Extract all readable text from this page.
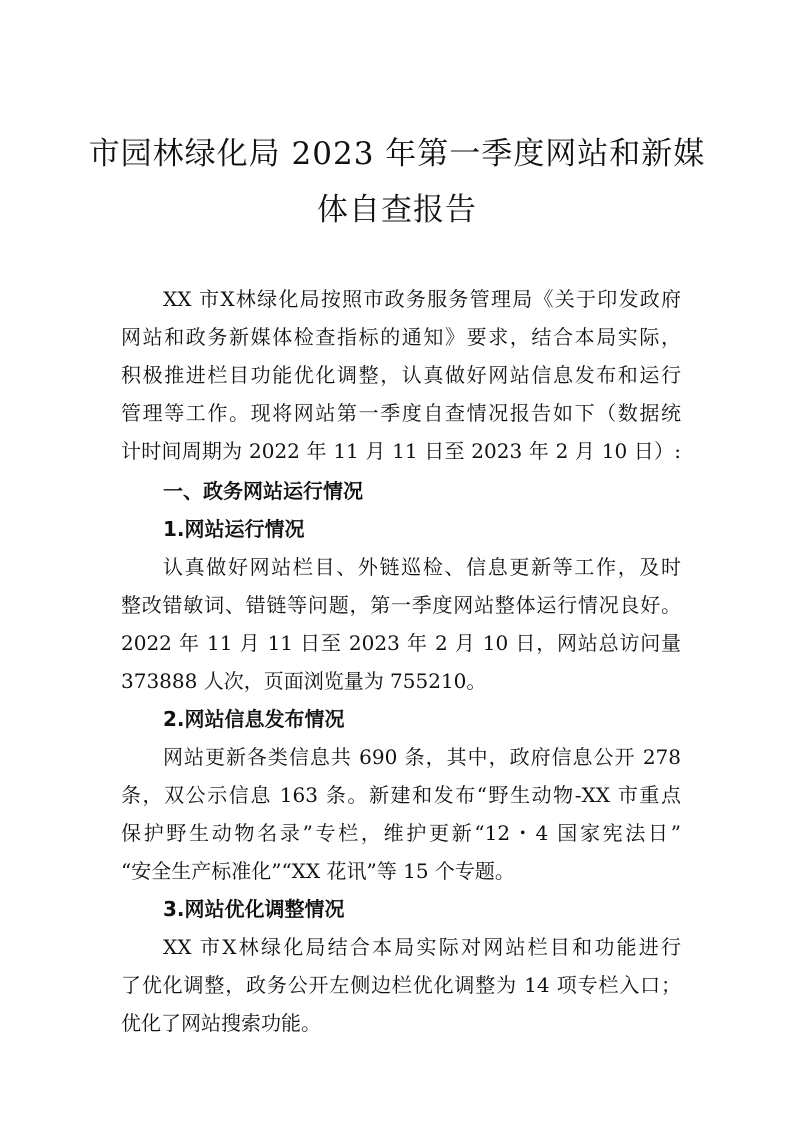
市园林绿化局 2023 年第一季度网站和新媒
体自查报告
XX 市X林绿化局按照市政务服务管理局《关于印发政府
网站和政务新媒体检查指标的通知》要求，结合本局实际，
积极推进栏目功能优化调整，认真做好网站信息发布和运行
管理等工作。现将网站第一季度自查情况报告如下（数据统
计时间周期为 2022 年 11 月 11 日至 2023 年 2 月 10 日）:
一、政务网站运行情况
1.网站运行情况
认真做好网站栏目、外链巡检、信息更新等工作，及时
整改错敏词、错链等问题，第一季度网站整体运行情况良好。
2022 年 11 月 11 日至 2023 年 2 月 10 日，网站总访问量
373888 人次，页面浏览量为 755210。
2.网站信息发布情况
网站更新各类信息共 690 条，其中，政府信息公开 278
条，双公示信息 163 条。新建和发布“野生动物-XX 市重点
保护野生动物名录”专栏，维护更新“12・4 国家宪法日”
“安全生产标准化”“XX 花讯”等 15 个专题。
3.网站优化调整情况
XX 市X林绿化局结合本局实际对网站栏目和功能进行
了优化调整，政务公开左侧边栏优化调整为 14 项专栏入口；
优化了网站搜索功能。
